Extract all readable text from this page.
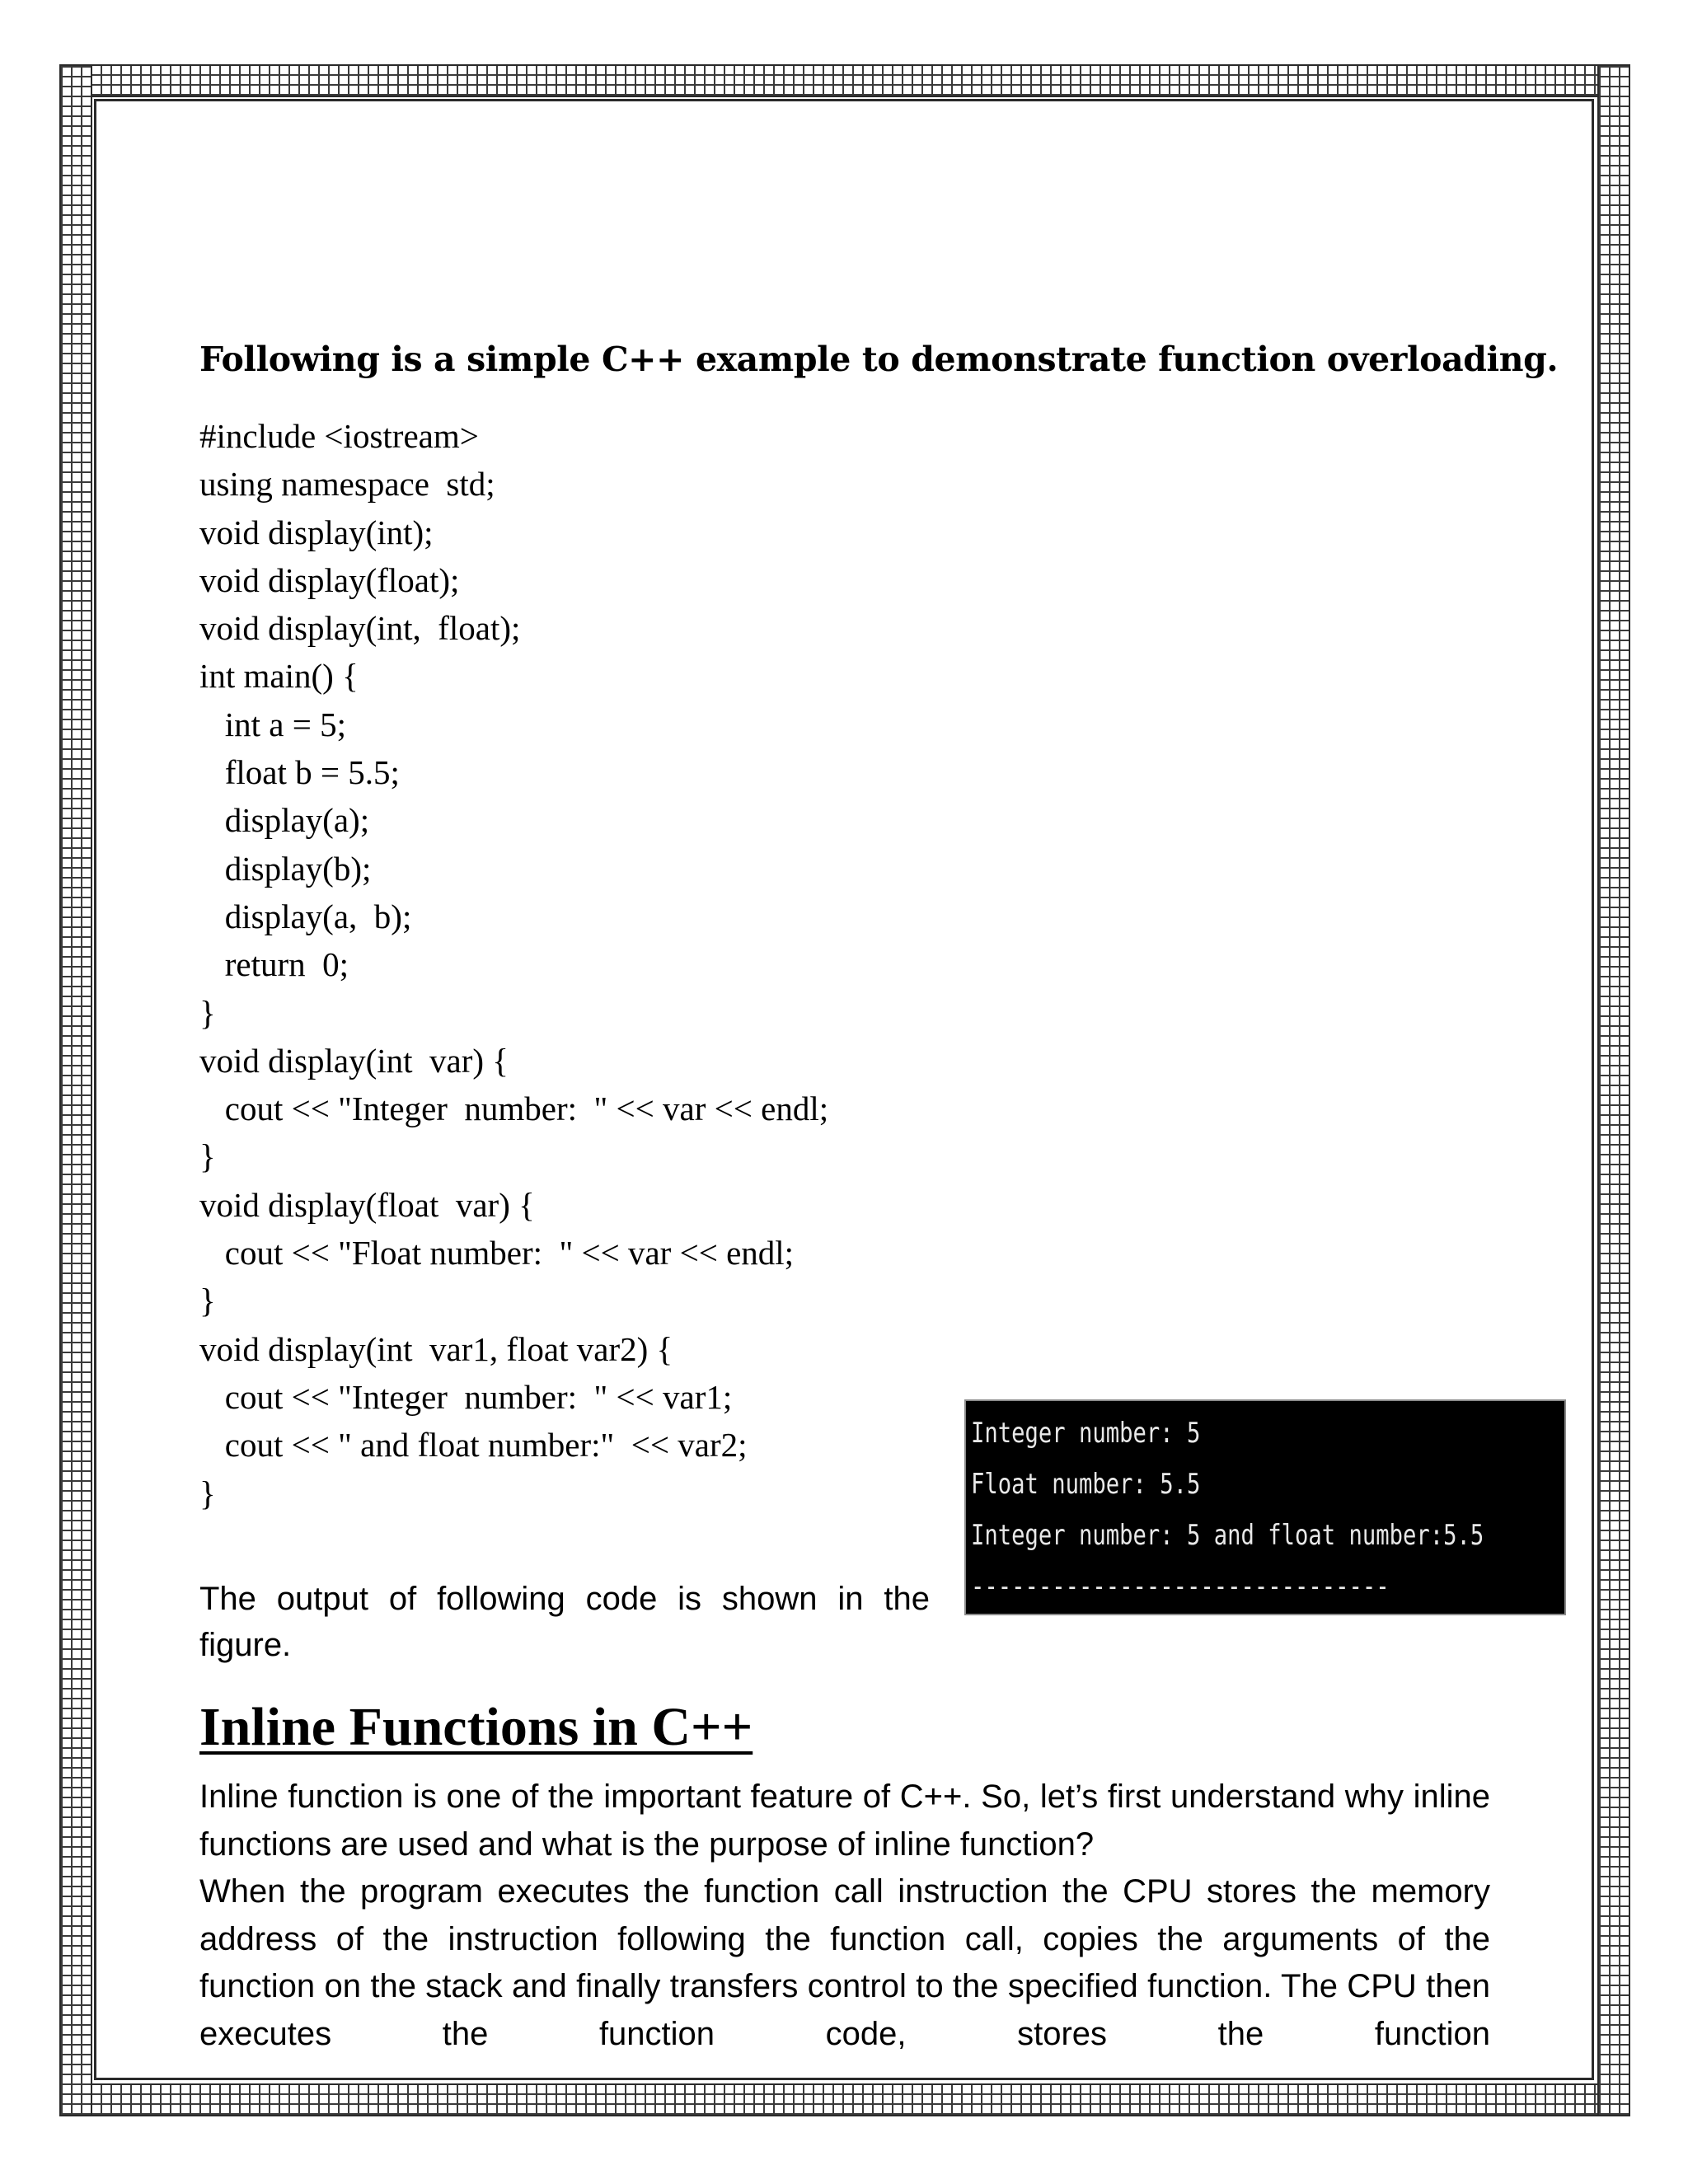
Following is a simple C++ example to demonstrate function overloading.
#include <iostream>
using namespace  std;
void display(int);
void display(float);
void display(int,  float);
int main() {
int a = 5;
float b = 5.5;
display(a);
display(b);
display(a,  b);
return  0;
}
void display(int  var) {
cout << "Integer  number:  " << var << endl;
}
void display(float  var) {
cout << "Float number:  " << var << endl;
}
void display(int  var1, float var2) {
cout << "Integer  number:  " << var1;
cout << " and float number:"  << var2;
}
The output of following code is shown in the figure.
Integer number: 5
Float number: 5.5
Integer number: 5 and float number:5.5
-------------------------------
Inline Functions in C++

Inline function is one of the important feature of C++. So, let’s first understand why inline functions are used and what is the purpose of inline function?

When the program executes the function call instruction the CPU stores the memory address of the instruction following the function call, copies the arguments of the function on the stack and finally transfers control to the specified function. The CPU then executes the function code, stores the function
